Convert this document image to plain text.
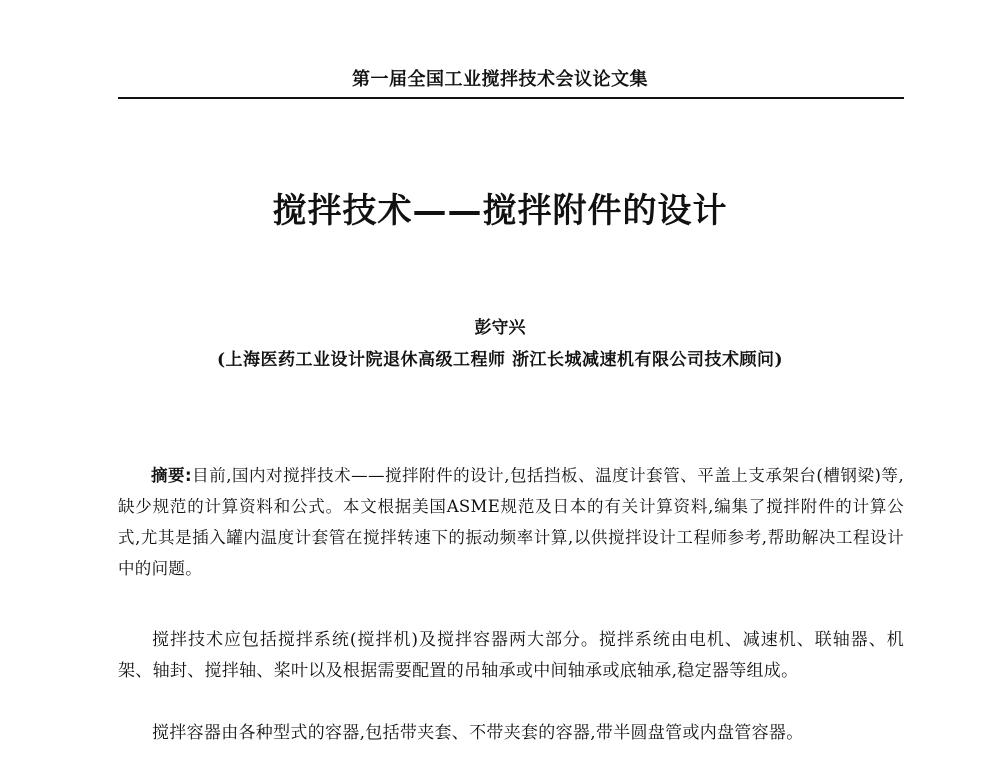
第一届全国工业搅拌技术会议论文集
搅拌技术——搅拌附件的设计
彭守兴
(上海医药工业设计院退休高级工程师 浙江长城减速机有限公司技术顾问)

摘要:目前,国内对搅拌技术——搅拌附件的设计,包括挡板、温度计套管、平盖上支承架台(槽钢梁)等,缺少规范的计算资料和公式。本文根据美国ASME规范及日本的有关计算资料,编集了搅拌附件的计算公式,尤其是插入罐内温度计套管在搅拌转速下的振动频率计算,以供搅拌设计工程师参考,帮助解决工程设计中的问题。

搅拌技术应包括搅拌系统(搅拌机)及搅拌容器两大部分。搅拌系统由电机、减速机、联轴器、机架、轴封、搅拌轴、桨叶以及根据需要配置的吊轴承或中间轴承或底轴承,稳定器等组成。

搅拌容器由各种型式的容器,包括带夹套、不带夹套的容器,带半圆盘管或内盘管容器。
